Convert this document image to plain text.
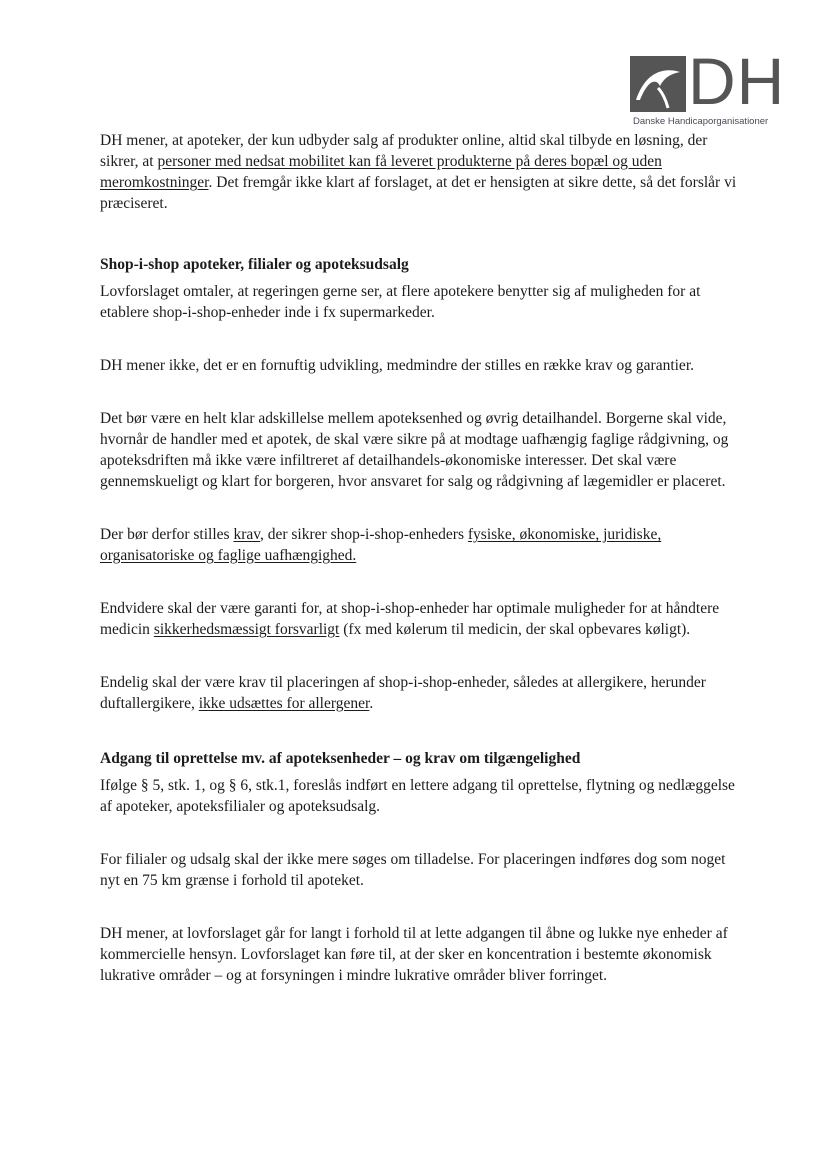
DH
Danske Handicaporganisationer

DH mener, at apoteker, der kun udbyder salg af produkter online, altid skal tilbyde en løsning, der sikrer, at personer med nedsat mobilitet kan få leveret produkterne på deres bopæl og uden meromkostninger. Det fremgår ikke klart af forslaget, at det er hensigten at sikre dette, så det forslår vi præciseret.

Shop-i-shop apoteker, filialer og apoteksudsalg

Lovforslaget omtaler, at regeringen gerne ser, at flere apotekere benytter sig af muligheden for at etablere shop-i-shop-enheder inde i fx supermarkeder.

DH mener ikke, det er en fornuftig udvikling, medmindre der stilles en række krav og garantier.

Det bør være en helt klar adskillelse mellem apoteksenhed og øvrig detailhandel. Borgerne skal vide, hvornår de handler med et apotek, de skal være sikre på at modtage uafhængig faglige rådgivning, og apoteksdriften må ikke være infiltreret af detailhandels-økonomiske interesser. Det skal være gennemskueligt og klart for borgeren, hvor ansvaret for salg og rådgivning af lægemidler er placeret.

Der bør derfor stilles krav, der sikrer shop-i-shop-enheders fysiske, økonomiske, juridiske, organisatoriske og faglige uafhængighed.

Endvidere skal der være garanti for, at shop-i-shop-enheder har optimale muligheder for at håndtere medicin sikkerhedsmæssigt forsvarligt (fx med kølerum til medicin, der skal opbevares køligt).

Endelig skal der være krav til placeringen af shop-i-shop-enheder, således at allergikere, herunder duftallergikere, ikke udsættes for allergener.

Adgang til oprettelse mv. af apoteksenheder – og krav om tilgængelighed

Ifølge § 5, stk. 1, og § 6, stk.1, foreslås indført en lettere adgang til oprettelse, flytning og nedlæggelse af apoteker, apoteksfilialer og apoteksudsalg.

For filialer og udsalg skal der ikke mere søges om tilladelse. For placeringen indføres dog som noget nyt en 75 km grænse i forhold til apoteket.

DH mener, at lovforslaget går for langt i forhold til at lette adgangen til åbne og lukke nye enheder af kommercielle hensyn. Lovforslaget kan føre til, at der sker en koncentration i bestemte økonomisk lukrative områder – og at forsyningen i mindre lukrative områder bliver forringet.
